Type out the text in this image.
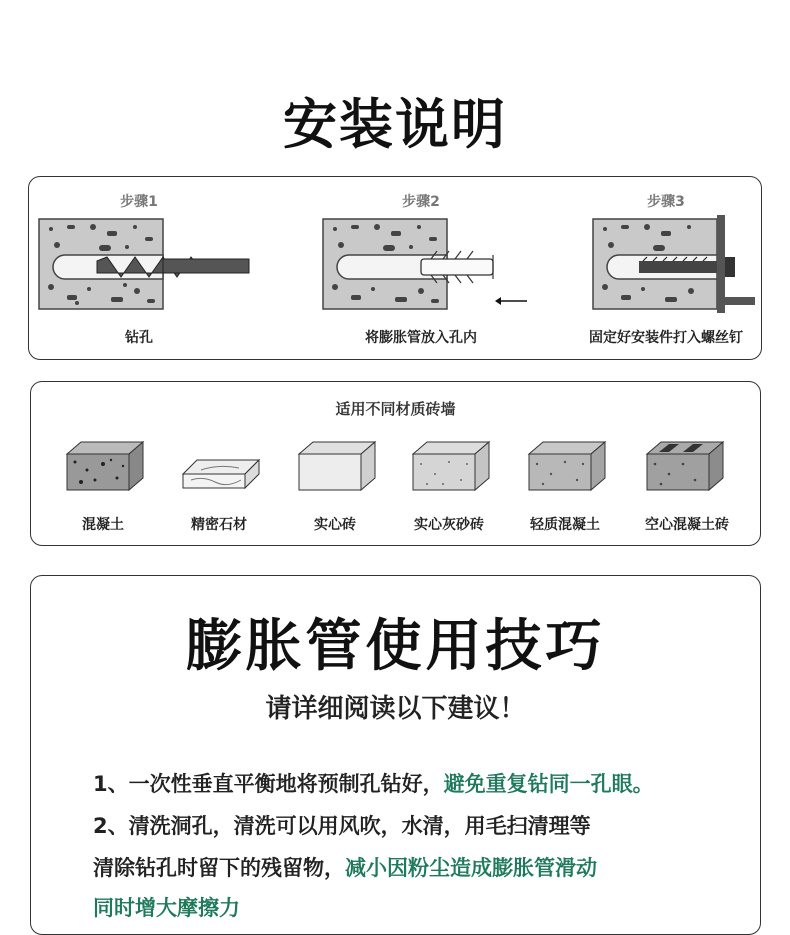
安装说明
步骤1
钻孔
步骤2
将膨胀管放入孔内
步骤3
固定好安装件打入螺丝钉
适用不同材质砖墙
混凝土	精密石材	实心砖	实心灰砂砖	轻质混凝土	空心混凝土砖
膨胀管使用技巧
请详细阅读以下建议！
1、一次性垂直平衡地将预制孔钻好，避免重复钻同一孔眼。
2、清洗洞孔，清洗可以用风吹，水清，用毛扫清理等
清除钻孔时留下的残留物，减小因粉尘造成膨胀管滑动
同时增大摩擦力
